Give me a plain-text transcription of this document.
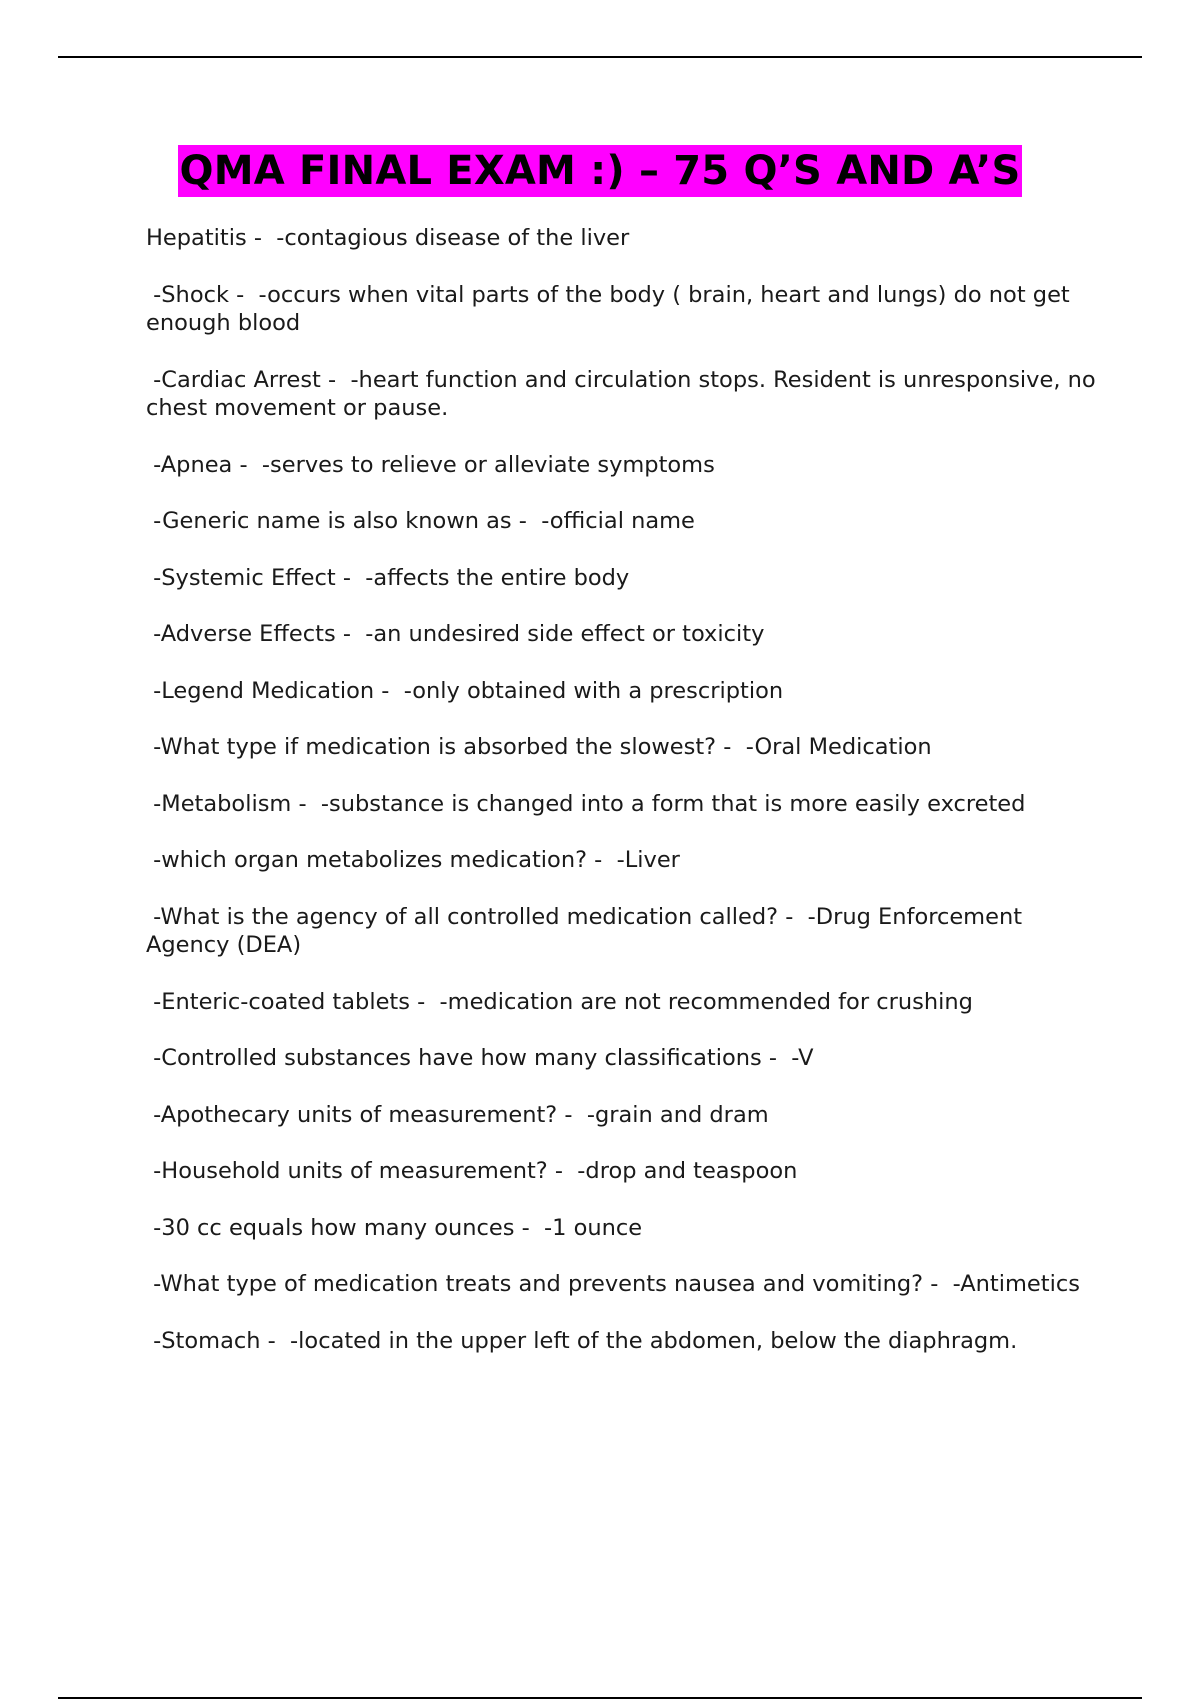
QMA FINAL EXAM :) – 75 Q’S AND A’S

Hepatitis -  -contagious disease of the liver

-Shock -  -occurs when vital parts of the body ( brain, heart and lungs) do not get enough blood

-Cardiac Arrest -  -heart function and circulation stops. Resident is unresponsive, no chest movement or pause.

-Apnea -  -serves to relieve or alleviate symptoms

-Generic name is also known as -  -official name

-Systemic Effect -  -affects the entire body

-Adverse Effects -  -an undesired side effect or toxicity

-Legend Medication -  -only obtained with a prescription

-What type if medication is absorbed the slowest? -  -Oral Medication

-Metabolism -  -substance is changed into a form that is more easily excreted

-which organ metabolizes medication? -  -Liver

-What is the agency of all controlled medication called? -  -Drug Enforcement Agency (DEA)

-Enteric-coated tablets -  -medication are not recommended for crushing

-Controlled substances have how many classifications -  -V

-Apothecary units of measurement? -  -grain and dram

-Household units of measurement? -  -drop and teaspoon

-30 cc equals how many ounces -  -1 ounce

-What type of medication treats and prevents nausea and vomiting? -  -Antimetics

-Stomach -  -located in the upper left of the abdomen, below the diaphragm.
